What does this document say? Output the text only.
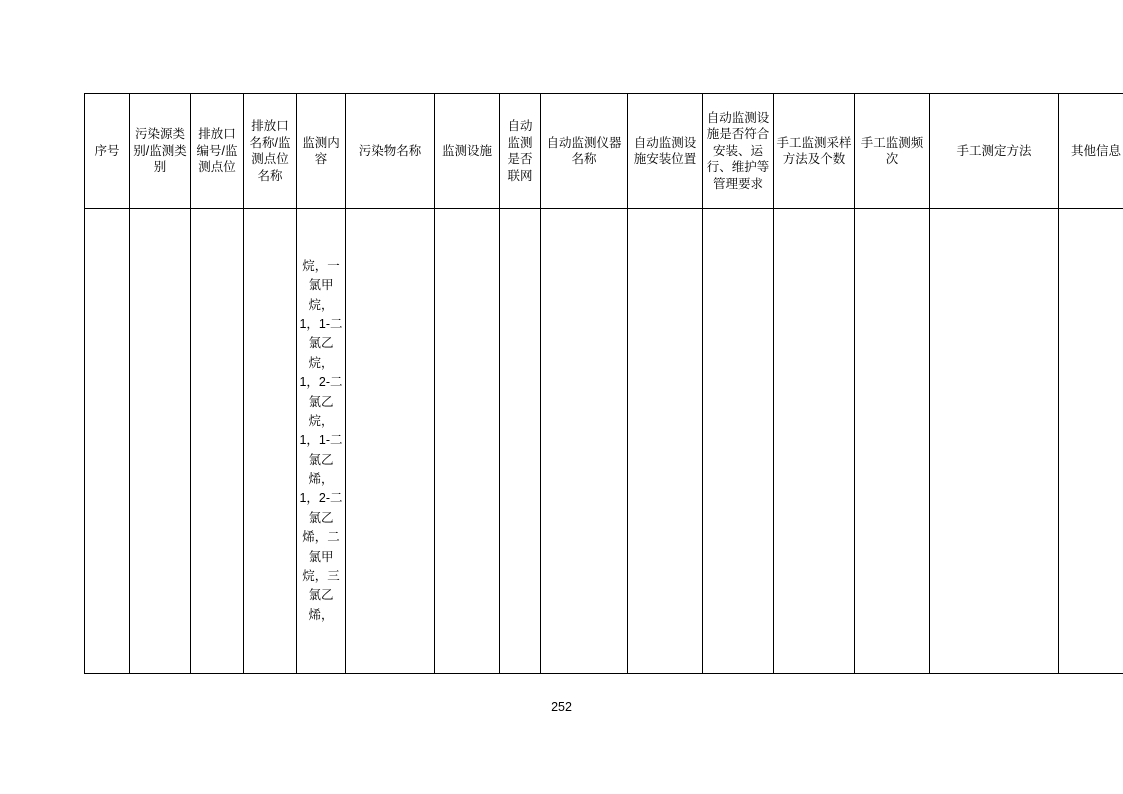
序号	污染源类别/监测类别	排放口编号/监测点位	排放口名称/监测点位名称	监测内容	污染物名称	监测设施	自动监测是否联网	自动监测仪器名称	自动监测设施安装位置	自动监测设施是否符合安装、运行、维护等管理要求	手工监测采样方法及个数	手工监测频次	手工测定方法	其他信息

				烷，一氯甲烷，1，1-二氯乙烷，1，2-二氯乙烷，1，1-二氯乙烯，1，2-二氯乙烯，二氯甲烷，三氯乙烯，										

252
